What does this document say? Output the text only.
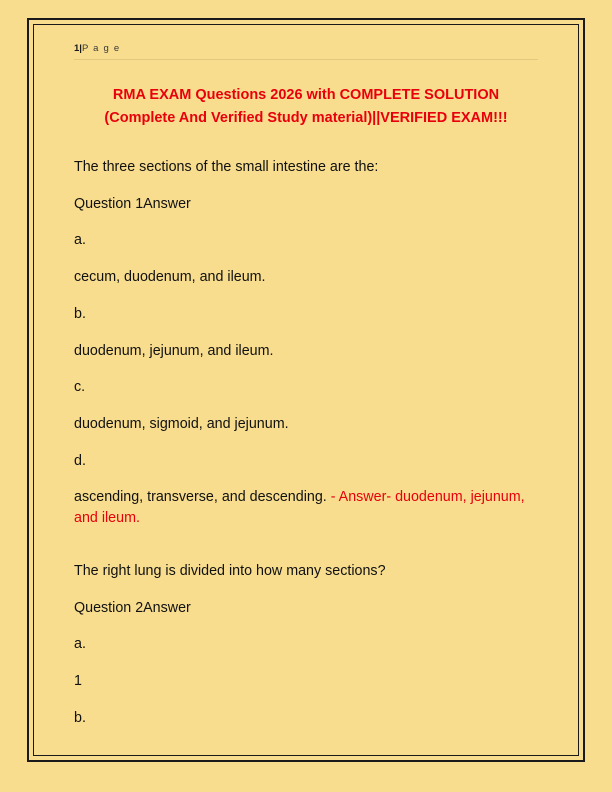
1|P a g e
RMA EXAM Questions 2026 with COMPLETE SOLUTION (Complete And Verified Study material)||VERIFIED EXAM!!!

The three sections of the small intestine are the:

Question 1Answer

a.

cecum, duodenum, and ileum.

b.

duodenum, jejunum, and ileum.

c.

duodenum, sigmoid, and jejunum.

d.

ascending, transverse, and descending. - Answer- duodenum, jejunum, and ileum.

The right lung is divided into how many sections?

Question 2Answer

a.

1

b.
